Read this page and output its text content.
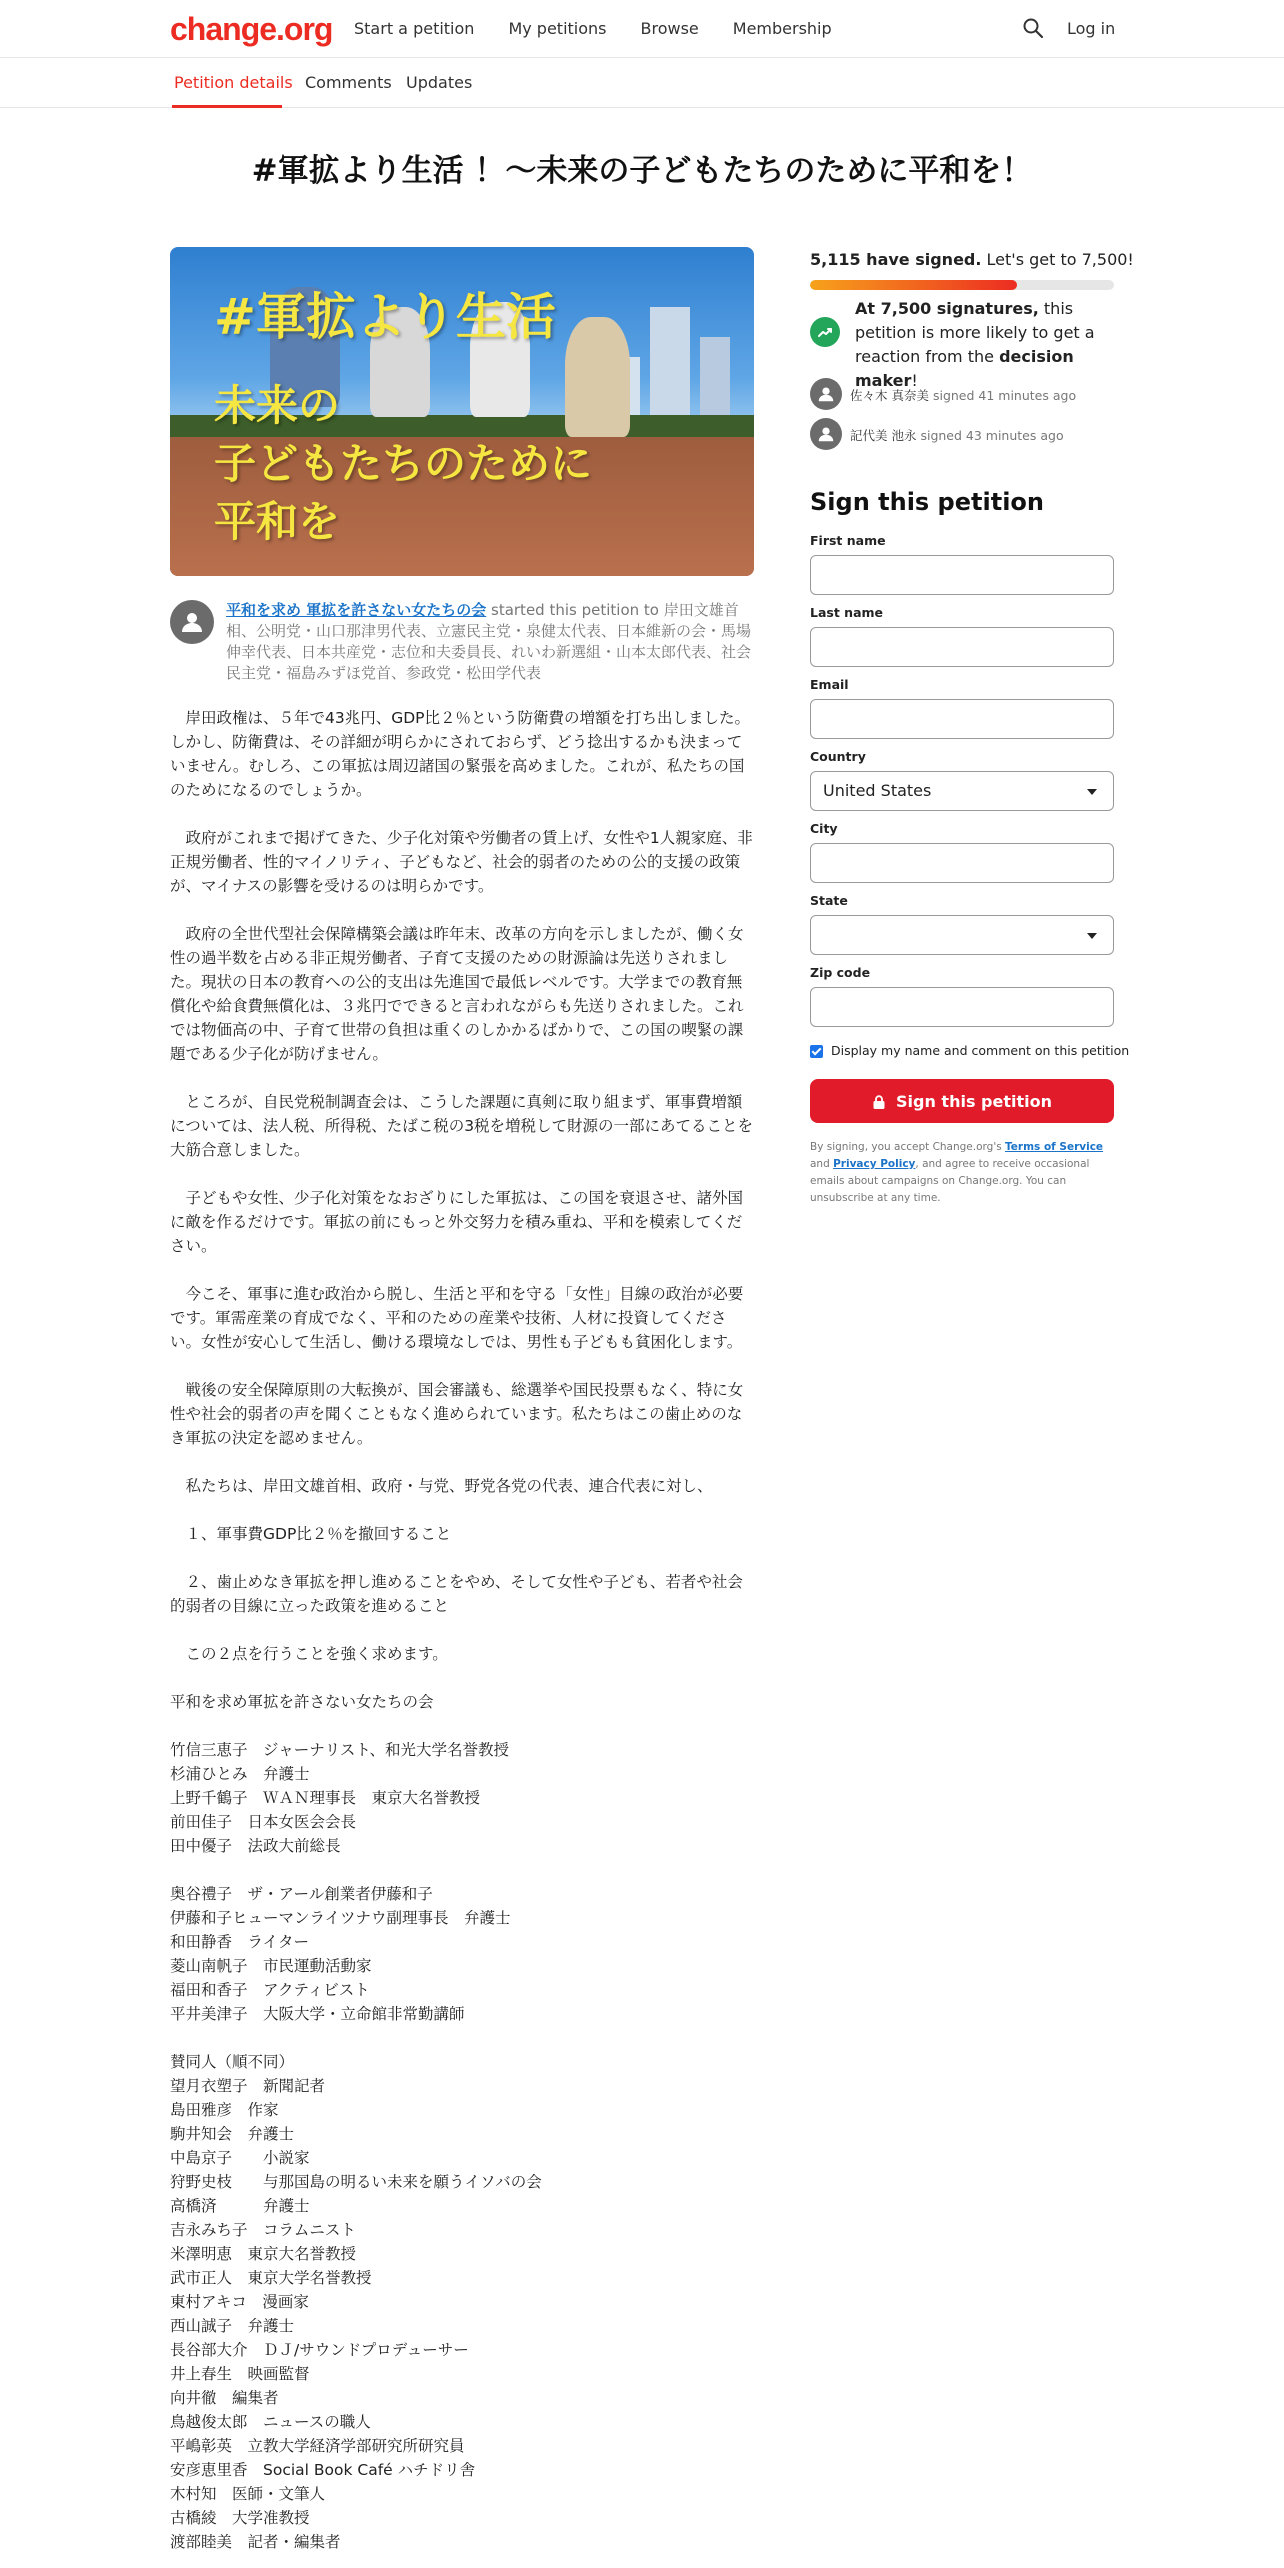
change.org Start a petition My petitions Browse Membership	Log in
Petition details Comments Updates
#軍拡より生活 ！～未来の子どもたちのために平和を！
#軍拡より生活
未来の
子どもたちのために
平和を
平和を求め 軍拡を許さない女たちの会 started this petition to 岸田文雄首相、公明党・山口那津男代表、立憲民主党・泉健太代表、日本維新の会・馬場伸幸代表、日本共産党・志位和夫委員長、れいわ新選組・山本太郎代表、社会民主党・福島みずほ党首、参政党・松田学代表

　岸田政権は、５年で43兆円、GDP比２％という防衛費の増額を打ち出しました。しかし、防衛費は、その詳細が明らかにされておらず、どう捻出するかも決まっていません。むしろ、この軍拡は周辺諸国の緊張を高めました。これが、私たちの国のためになるのでしょうか。

　政府がこれまで掲げてきた、少子化対策や労働者の賃上げ、女性や1人親家庭、非正規労働者、性的マイノリティ、子どもなど、社会的弱者のための公的支援の政策が、マイナスの影響を受けるのは明らかです。

　政府の全世代型社会保障構築会議は昨年末、改革の方向を示しましたが、働く女性の過半数を占める非正規労働者、子育て支援のための財源論は先送りされました。現状の日本の教育への公的支出は先進国で最低レベルです。大学までの教育無償化や給食費無償化は、３兆円でできると言われながらも先送りされました。これでは物価高の中、子育て世帯の負担は重くのしかかるばかりで、この国の喫緊の課題である少子化が防げません。

　ところが、自民党税制調査会は、こうした課題に真剣に取り組まず、軍事費増額については、法人税、所得税、たばこ税の3税を増税して財源の一部にあてることを大筋合意しました。

　子どもや女性、少子化対策をなおざりにした軍拡は、この国を衰退させ、諸外国に敵を作るだけです。軍拡の前にもっと外交努力を積み重ね、平和を模索してください。

　今こそ、軍事に進む政治から脱し、生活と平和を守る「女性」目線の政治が必要です。軍需産業の育成でなく、平和のための産業や技術、人材に投資してください。女性が安心して生活し、働ける環境なしでは、男性も子どもも貧困化します。

　戦後の安全保障原則の大転換が、国会審議も、総選挙や国民投票もなく、特に女性や社会的弱者の声を聞くこともなく進められています。私たちはこの歯止めのなき軍拡の決定を認めません。

　私たちは、岸田文雄首相、政府・与党、野党各党の代表、連合代表に対し、

　１、軍事費GDP比２％を撤回すること

　２、歯止めなき軍拡を押し進めることをやめ、そして女性や子ども、若者や社会的弱者の目線に立った政策を進めること

　この２点を行うことを強く求めます。

平和を求め軍拡を許さない女たちの会

竹信三恵子　ジャーナリスト、和光大学名誉教授
杉浦ひとみ　弁護士
上野千鶴子　ＷＡＮ理事長　東京大名誉教授
前田佳子　日本女医会会長
田中優子　法政大前総長

奥谷禮子　ザ・アール創業者伊藤和子
伊藤和子ヒューマンライツナウ副理事長　弁護士
和田静香　ライター
菱山南帆子　市民運動活動家
福田和香子　アクティビスト
平井美津子　大阪大学・立命館非常勤講師

賛同人（順不同）
望月衣塑子　新聞記者
島田雅彦　作家
駒井知会　弁護士
中島京子　　小説家
狩野史枝　　与那国島の明るい未来を願うイソバの会
高橋済　　　弁護士
吉永みち子　コラムニスト
米澤明恵　東京大名誉教授
武市正人　東京大学名誉教授
東村アキコ　漫画家
西山誠子　弁護士
長谷部大介　ＤＪ/サウンドプロデューサー
井上春生　映画監督
向井徹　編集者
鳥越俊太郎　ニュースの職人
平嶋彰英　立教大学経済学部研究所研究員
安彦恵里香　Social Book Café ハチドリ舎
木村知　医師・文筆人
古橋綾　大学准教授
渡部睦美　記者・編集者

5,115 have signed. Let's get to 7,500!
At 7,500 signatures, this petition is more likely to get a reaction from the decision maker!
佐々木 真奈美 signed 41 minutes ago
記代美 池永 signed 43 minutes ago
Sign this petition
First name
Last name
Email
Country
United States
City
State
Zip code
Display my name and comment on this petition
Sign this petition
By signing, you accept Change.org's Terms of Service and Privacy Policy, and agree to receive occasional emails about campaigns on Change.org. You can unsubscribe at any time.
